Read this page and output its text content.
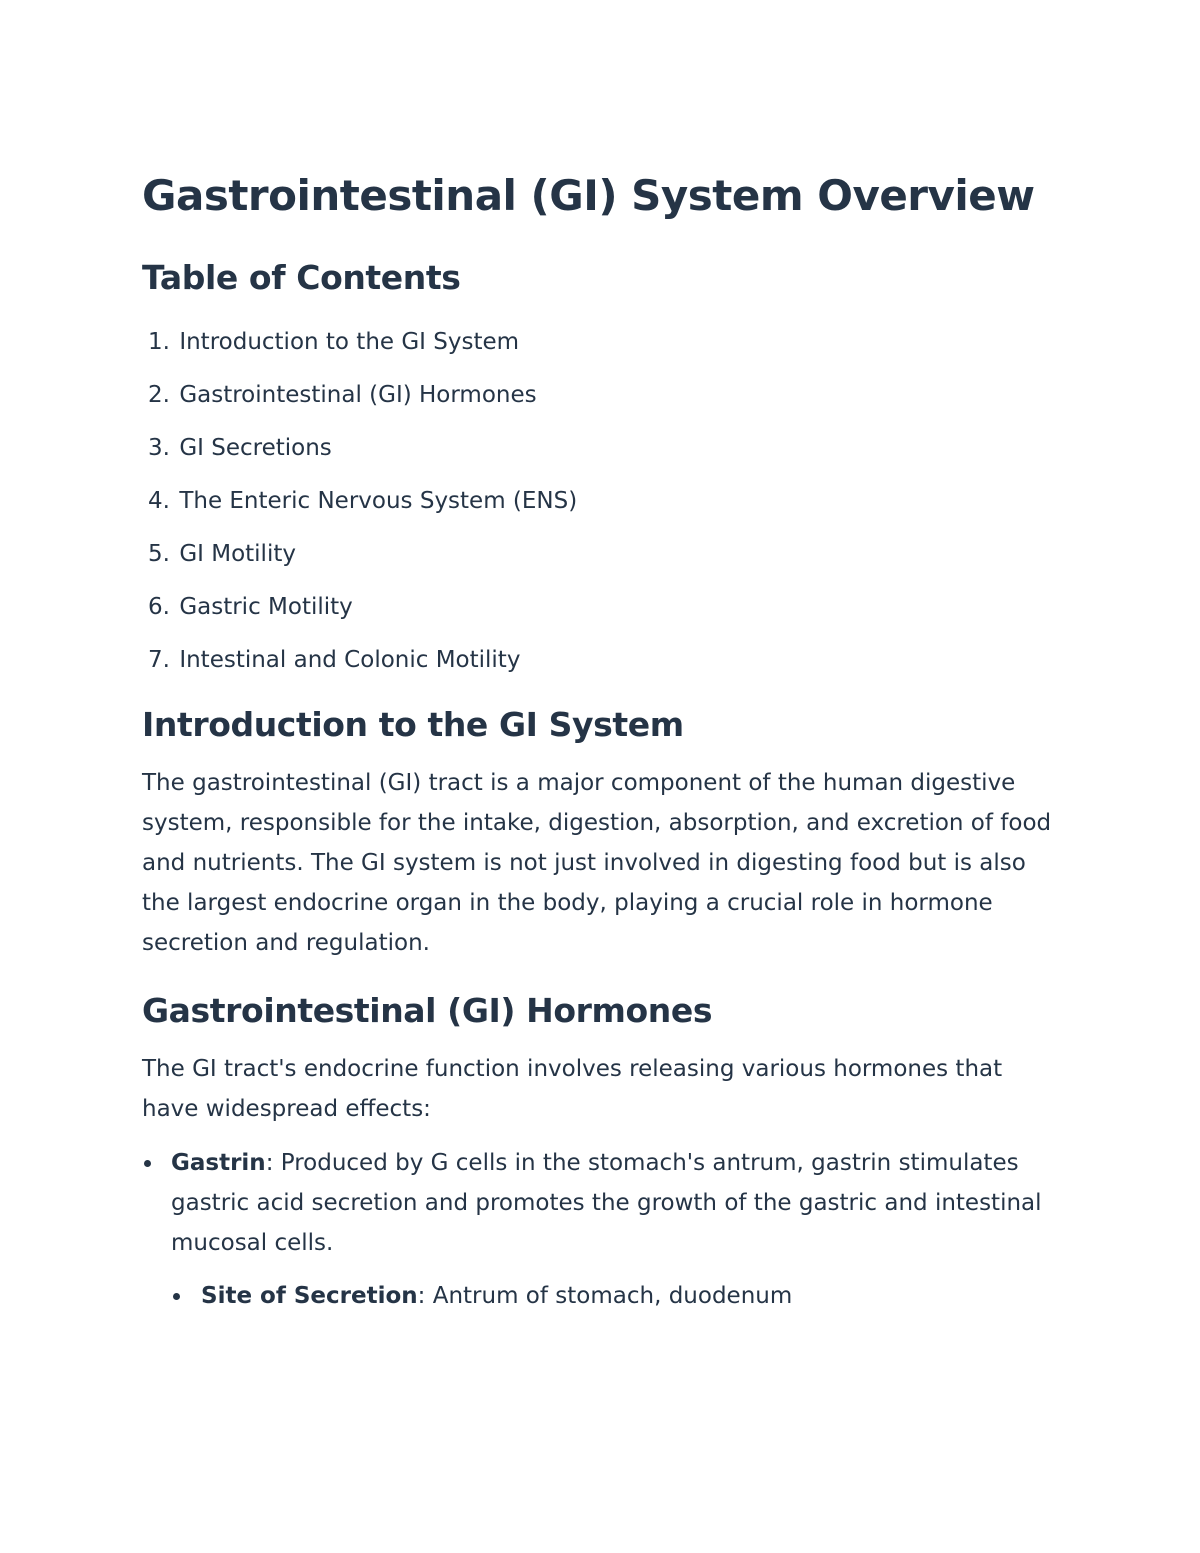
Gastrointestinal (GI) System Overview
Table of Contents
1. Introduction to the GI System
2. Gastrointestinal (GI) Hormones
3. GI Secretions
4. The Enteric Nervous System (ENS)
5. GI Motility
6. Gastric Motility
7. Intestinal and Colonic Motility
Introduction to the GI System

The gastrointestinal (GI) tract is a major component of the human digestive system, responsible for the intake, digestion, absorption, and excretion of food and nutrients. The GI system is not just involved in digesting food but is also the largest endocrine organ in the body, playing a crucial role in hormone secretion and regulation.

Gastrointestinal (GI) Hormones

The GI tract's endocrine function involves releasing various hormones that have widespread effects:

Gastrin: Produced by G cells in the stomach's antrum, gastrin stimulates gastric acid secretion and promotes the growth of the gastric and intestinal mucosal cells.
Site of Secretion: Antrum of stomach, duodenum
